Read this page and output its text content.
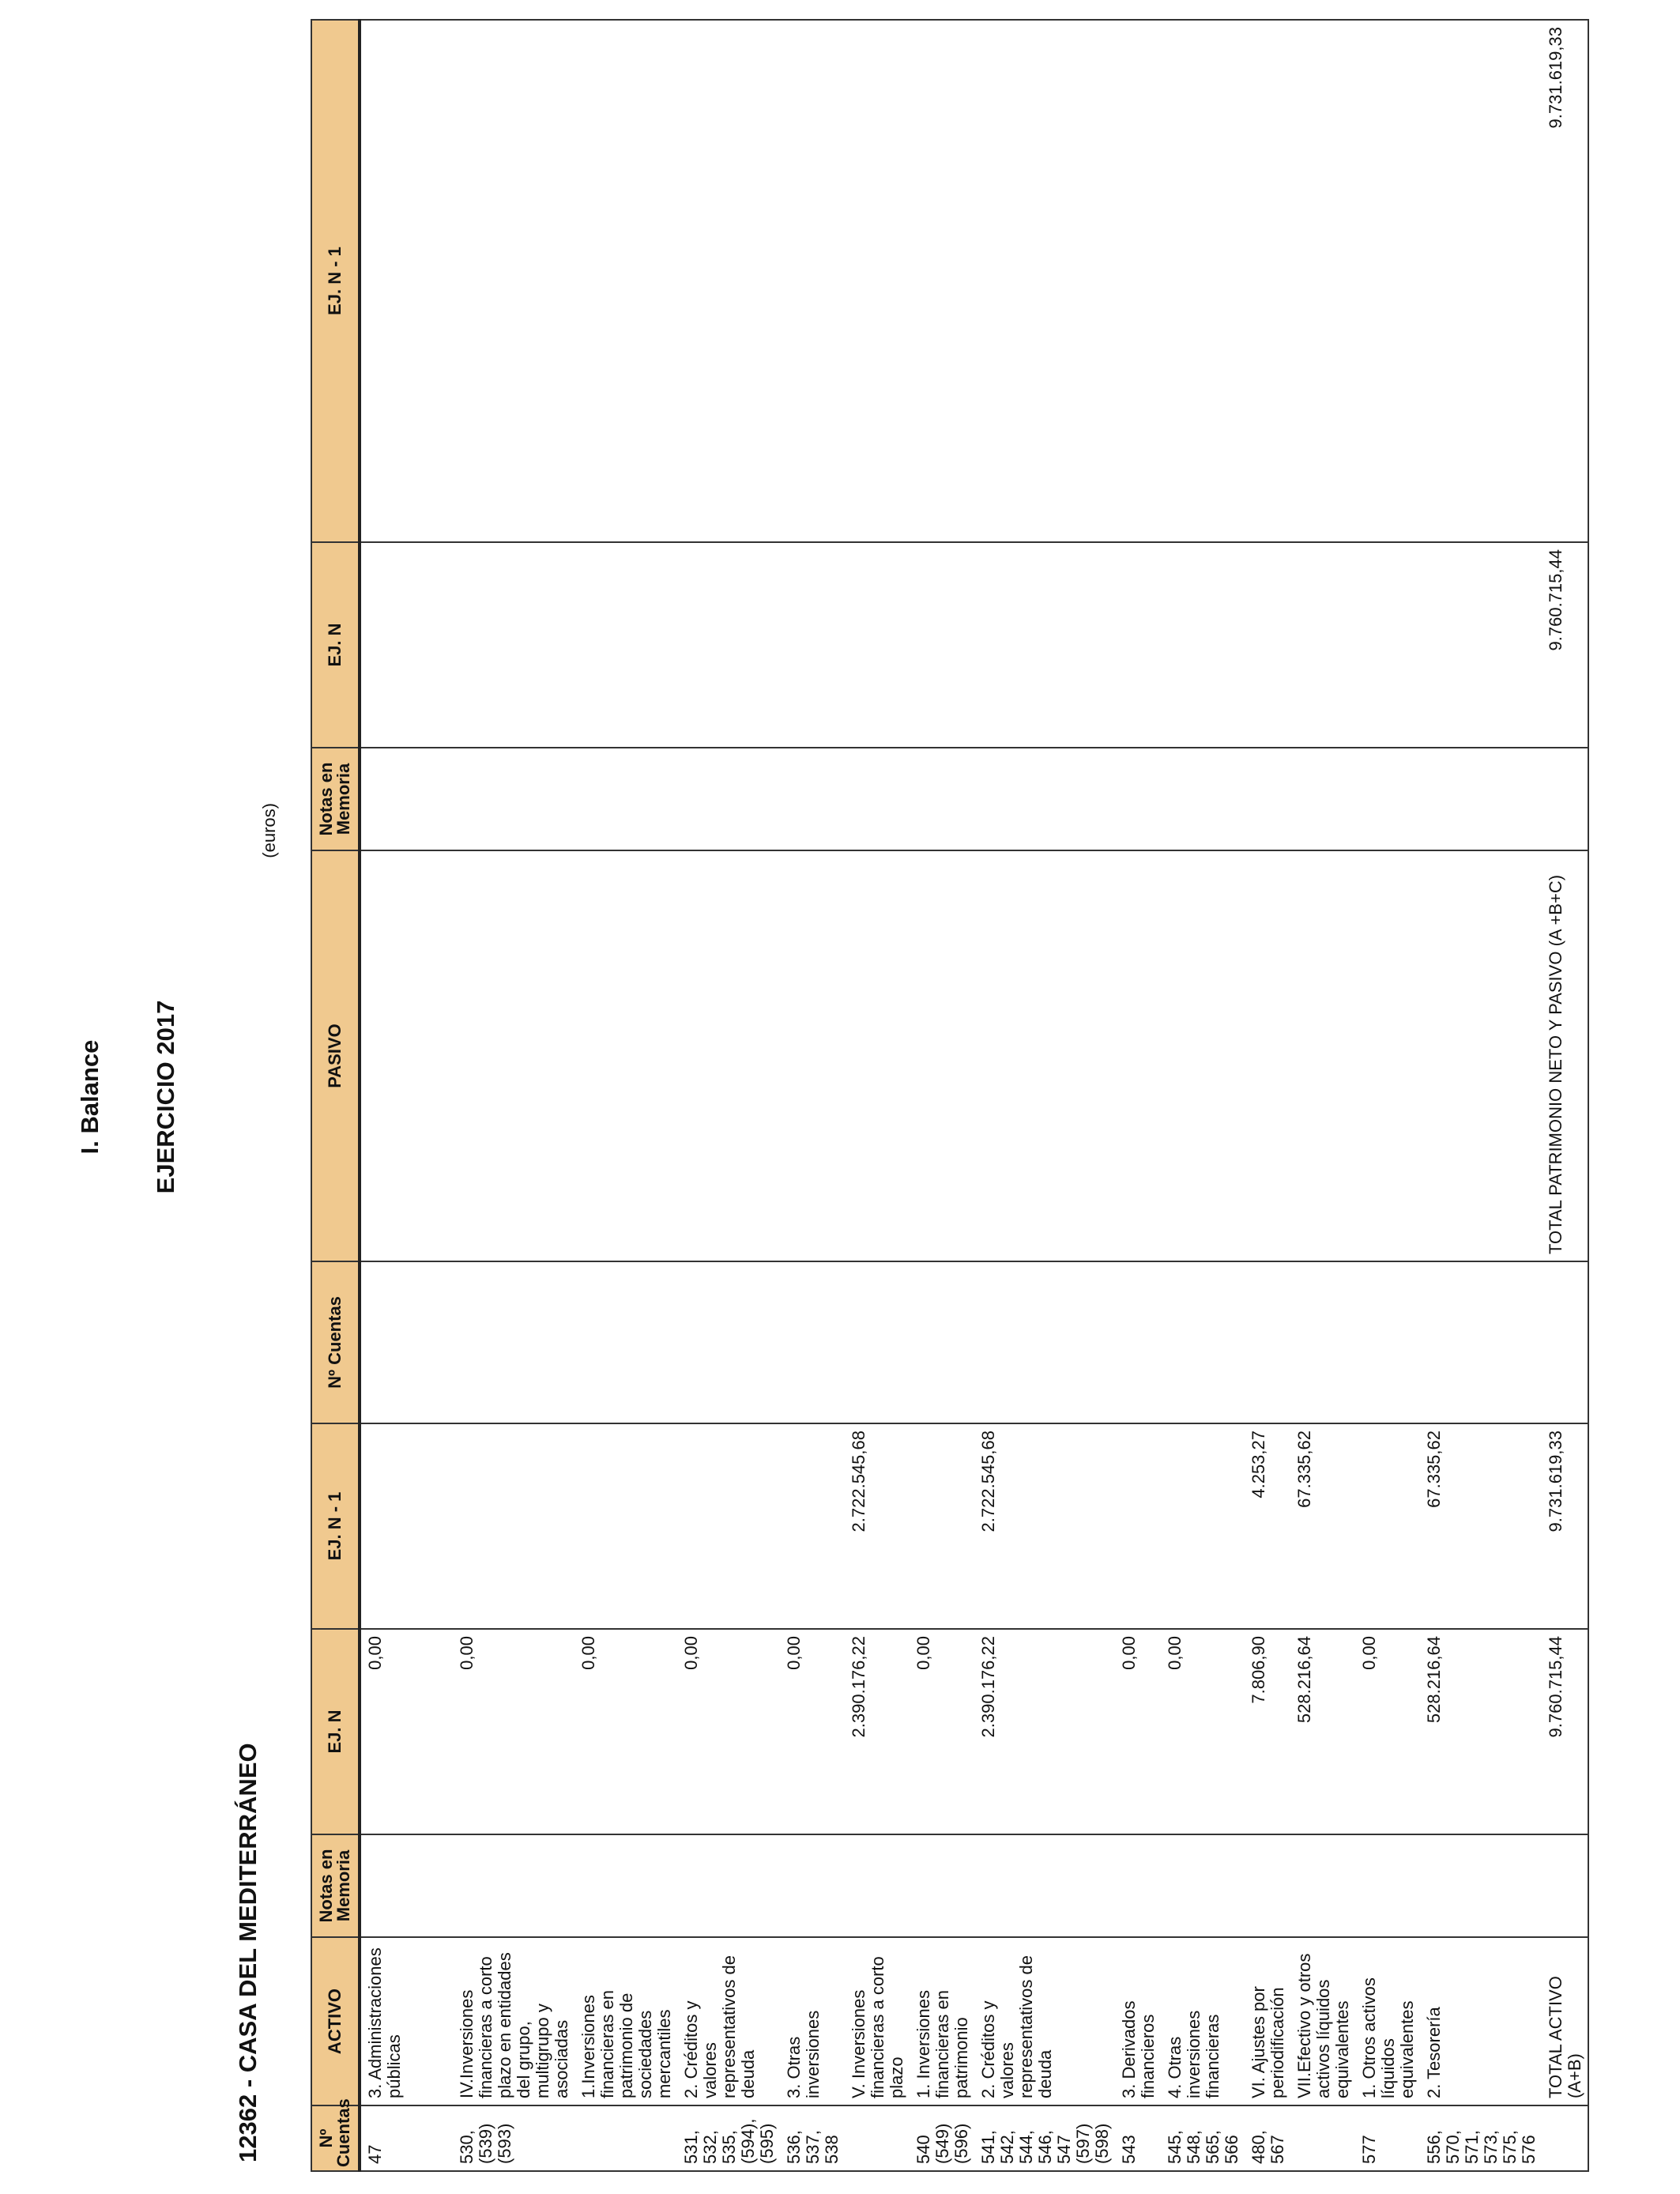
I. Balance EJERCICIO 2017
12362 - CASA DEL MEDITERRÁNEO
(euros)
Nº Cuentas	ACTIVO	Notas en Memoria	EJ. N	EJ. N - 1	Nº Cuentas	PASIVO	Notas en Memoria	EJ. N	EJ. N - 1
47	3. Administraciones públicas		0,00						

530, (539) (593)	IV.Inversiones financieras a corto plazo en entidades del grupo, multigrupo y asociadas		0,00						
	1.Inversiones financieras en patrimonio de sociedades mercantiles		0,00						
531, 532, 535, (594), (595)	2. Créditos y valores representativos de deuda		0,00						
536, 537, 538	3. Otras inversiones		0,00						
	V. Inversiones financieras a corto plazo		2.390.176,22	2.722.545,68					
540 (549) (596)	1. Inversiones financieras en patrimonio		0,00						
541, 542, 544, 546, 547 (597) (598)	2. Créditos y valores representativos de deuda		2.390.176,22	2.722.545,68					
543	3. Derivados financieros		0,00						
545, 548, 565, 566	4. Otras inversiones financieras		0,00						
480, 567	VI. Ajustes por periodificación		7.806,90	4.253,27					
	VII.Efectivo y otros activos líquidos equivalentes		528.216,64	67.335,62					
577	1. Otros activos líquidos equivalentes		0,00						
556, 570, 571, 573, 575, 576	2. Tesorería		528.216,64	67.335,62					
	TOTAL ACTIVO (A+B)		9.760.715,44	9.731.619,33		TOTAL PATRIMONIO NETO Y PASIVO (A +B+C)		9.760.715,44	9.731.619,33
